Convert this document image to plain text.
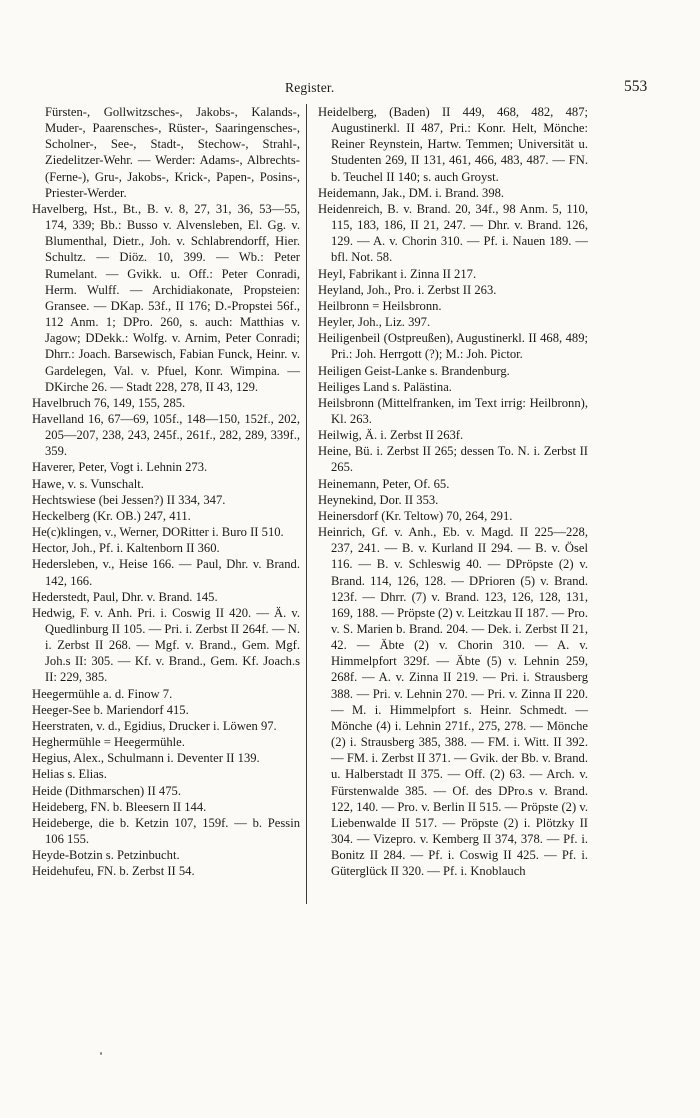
Register.	553
Fürsten-, Gollwitzsches-, Jakobs-, Kalands-, Muder-, Paarensches-, Rüster-, Saaringensches-, Scholner-, See-, Stadt-, Stechow-, Strahl-, Ziedelitzer-Wehr. — Werder: Adams-, Albrechts- (Ferne-), Gru-, Jakobs-, Krick-, Papen-, Posins-, Priester-Werder.
Havelberg, Hst., Bt., B. v. 8, 27, 31, 36, 53—55, 174, 339; Bb.: Busso v. Alvensleben, El. Gg. v. Blumenthal, Dietr., Joh. v. Schlabrendorff, Hier. Schultz. — Diöz. 10, 399. — Wb.: Peter Rumelant. — Gvikk. u. Off.: Peter Conradi, Herm. Wulff. — Archidiakonate, Propsteien: Gransee. — DKap. 53f., II 176; D.-Propstei 56f., 112 Anm. 1; DPro. 260, s. auch: Matthias v. Jagow; DDekk.: Wolfg. v. Arnim, Peter Conradi; Dhrr.: Joach. Barsewisch, Fabian Funck, Heinr. v. Gardelegen, Val. v. Pfuel, Konr. Wimpina. — DKirche 26. — Stadt 228, 278, II 43, 129.
Havelbruch 76, 149, 155, 285.
Havelland 16, 67—69, 105f., 148—150, 152f., 202, 205—207, 238, 243, 245f., 261f., 282, 289, 339f., 359.
Haverer, Peter, Vogt i. Lehnin 273.
Hawe, v. s. Vunschalt.
Hechtswiese (bei Jessen?) II 334, 347.
Heckelberg (Kr. OB.) 247, 411.
He(c)klingen, v., Werner, DORitter i. Buro II 510.
Hector, Joh., Pf. i. Kaltenborn II 360.
Hedersleben, v., Heise 166. — Paul, Dhr. v. Brand. 142, 166.
Hederstedt, Paul, Dhr. v. Brand. 145.
Hedwig, F. v. Anh. Pri. i. Coswig II 420. — Ä. v. Quedlinburg II 105. — Pri. i. Zerbst II 264f. — N. i. Zerbst II 268. — Mgf. v. Brand., Gem. Mgf. Joh.s II: 305. — Kf. v. Brand., Gem. Kf. Joach.s II: 229, 385.
Heegermühle a. d. Finow 7.
Heeger-See b. Mariendorf 415.
Heerstraten, v. d., Egidius, Drucker i. Löwen 97.
Heghermühle = Heegermühle.
Hegius, Alex., Schulmann i. Deventer II 139.
Helias s. Elias.
Heide (Dithmarschen) II 475.
Heideberg, FN. b. Bleesern II 144.
Heideberge, die b. Ketzin 107, 159f. — b. Pessin 106 155.
Heyde-Botzin s. Petzinbucht.
Heidehufeu, FN. b. Zerbst II 54.
Heidelberg, (Baden) II 449, 468, 482, 487; Augustinerkl. II 487, Pri.: Konr. Helt, Mönche: Reiner Reynstein, Hartw. Temmen; Universität u. Studenten 269, II 131, 461, 466, 483, 487. — FN. b. Teuchel II 140; s. auch Groyst.
Heidemann, Jak., DM. i. Brand. 398.
Heidenreich, B. v. Brand. 20, 34f., 98 Anm. 5, 110, 115, 183, 186, II 21, 247. — Dhr. v. Brand. 126, 129. — A. v. Chorin 310. — Pf. i. Nauen 189. — bfl. Not. 58.
Heyl, Fabrikant i. Zinna II 217.
Heyland, Joh., Pro. i. Zerbst II 263.
Heilbronn = Heilsbronn.
Heyler, Joh., Liz. 397.
Heiligenbeil (Ostpreußen), Augustinerkl. II 468, 489; Pri.: Joh. Herrgott (?); M.: Joh. Pictor.
Heiligen Geist-Lanke s. Brandenburg.
Heiliges Land s. Palästina.
Heilsbronn (Mittelfranken, im Text irrig: Heilbronn), Kl. 263.
Heilwig, Ä. i. Zerbst II 263f.
Heine, Bü. i. Zerbst II 265; dessen To. N. i. Zerbst II 265.
Heinemann, Peter, Of. 65.
Heynekind, Dor. II 353.
Heinersdorf (Kr. Teltow) 70, 264, 291.
Heinrich, Gf. v. Anh., Eb. v. Magd. II 225—228, 237, 241. — B. v. Kurland II 294. — B. v. Ösel 116. — B. v. Schleswig 40. — DPröpste (2) v. Brand. 114, 126, 128. — DPrioren (5) v. Brand. 123f. — Dhrr. (7) v. Brand. 123, 126, 128, 131, 169, 188. — Pröpste (2) v. Leitzkau II 187. — Pro. v. S. Marien b. Brand. 204. — Dek. i. Zerbst II 21, 42. — Äbte (2) v. Chorin 310. — A. v. Himmelpfort 329f. — Äbte (5) v. Lehnin 259, 268f. — A. v. Zinna II 219. — Pri. i. Strausberg 388. — Pri. v. Lehnin 270. — Pri. v. Zinna II 220. — M. i. Himmelpfort s. Heinr. Schmedt. — Mönche (4) i. Lehnin 271f., 275, 278. — Mönche (2) i. Strausberg 385, 388. — FM. i. Witt. II 392. — FM. i. Zerbst II 371. — Gvik. der Bb. v. Brand. u. Halberstadt II 375. — Off. (2) 63. — Arch. v. Fürstenwalde 385. — Of. des DPro.s v. Brand. 122, 140. — Pro. v. Berlin II 515. — Pröpste (2) v. Liebenwalde II 517. — Pröpste (2) i. Plötzky II 304. — Vizepro. v. Kemberg II 374, 378. — Pf. i. Bonitz II 284. — Pf. i. Coswig II 425. — Pf. i. Güterglück II 320. — Pf. i. Knoblauch
